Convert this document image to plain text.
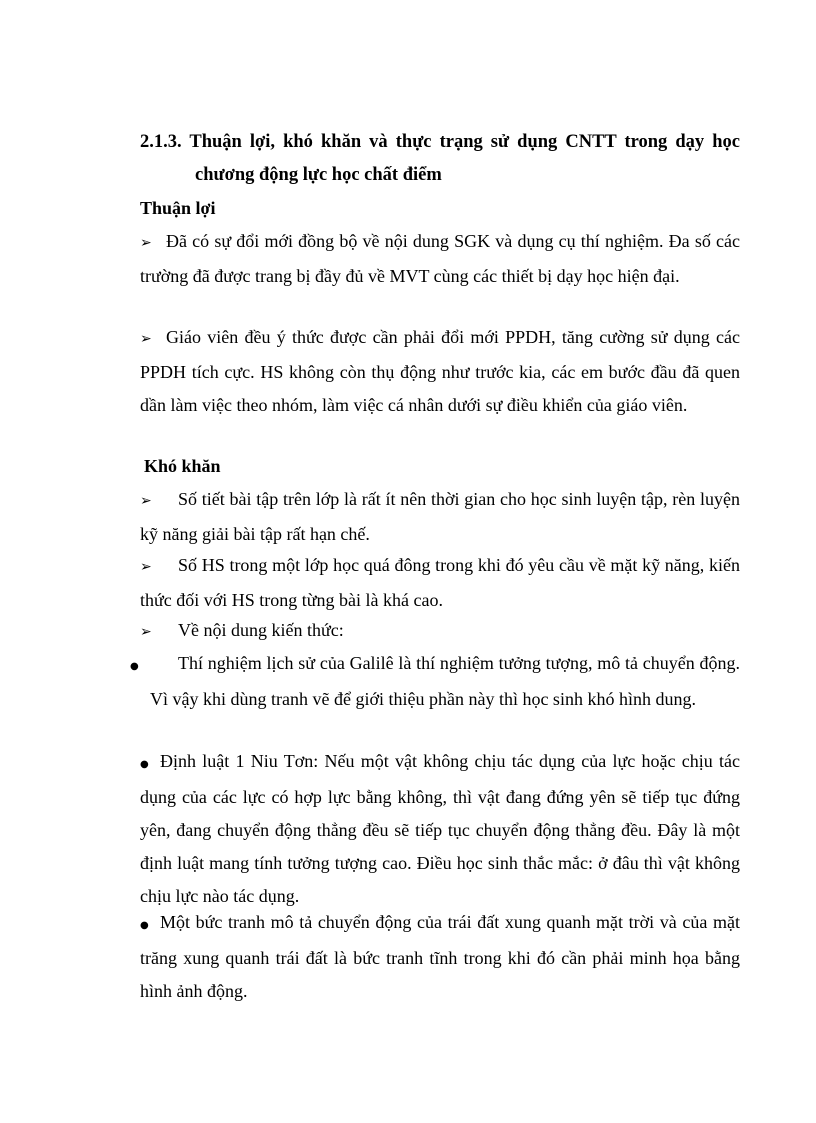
2.1.3. Thuận lợi, khó khăn và thực trạng sử dụng CNTT trong dạy học
chương động lực học chất điểm
Thuận lợi
➢ Đã có sự đổi mới đồng bộ về nội dung SGK và dụng cụ thí nghiệm. Đa số các trường đã được trang bị đầy đủ về MVT cùng các thiết bị dạy học hiện đại.
➢ Giáo viên đều ý thức được cần phải đổi mới PPDH, tăng cường sử dụng các PPDH tích cực. HS không còn thụ động như trước kia, các em bước đầu đã quen dần làm việc theo nhóm, làm việc cá nhân dưới sự điều khiển của giáo viên.
Khó khăn
➢ Số tiết bài tập trên lớp là rất ít nên thời gian cho học sinh luyện tập, rèn luyện kỹ năng giải bài tập rất hạn chế.
➢ Số HS trong một lớp học quá đông trong khi đó yêu cầu về mặt kỹ năng, kiến thức đối với HS trong từng bài là khá cao.
➢ Về nội dung kiến thức:
● Thí nghiệm lịch sử của Galilê là thí nghiệm tưởng tượng, mô tả chuyển động. Vì vậy khi dùng tranh vẽ để giới thiệu phần này thì học sinh khó hình dung.
● Định luật 1 Niu Tơn: Nếu một vật không chịu tác dụng của lực hoặc chịu tác dụng của các lực có hợp lực bằng không, thì vật đang đứng yên sẽ tiếp tục đứng yên, đang chuyển động thẳng đều sẽ tiếp tục chuyển động thẳng đều. Đây là một định luật mang tính tưởng tượng cao. Điều học sinh thắc mắc: ở đâu thì vật không chịu lực nào tác dụng.
● Một bức tranh mô tả chuyển động của trái đất xung quanh mặt trời và của mặt trăng xung quanh trái đất là bức tranh tĩnh trong khi đó cần phải minh họa bằng hình ảnh động.
